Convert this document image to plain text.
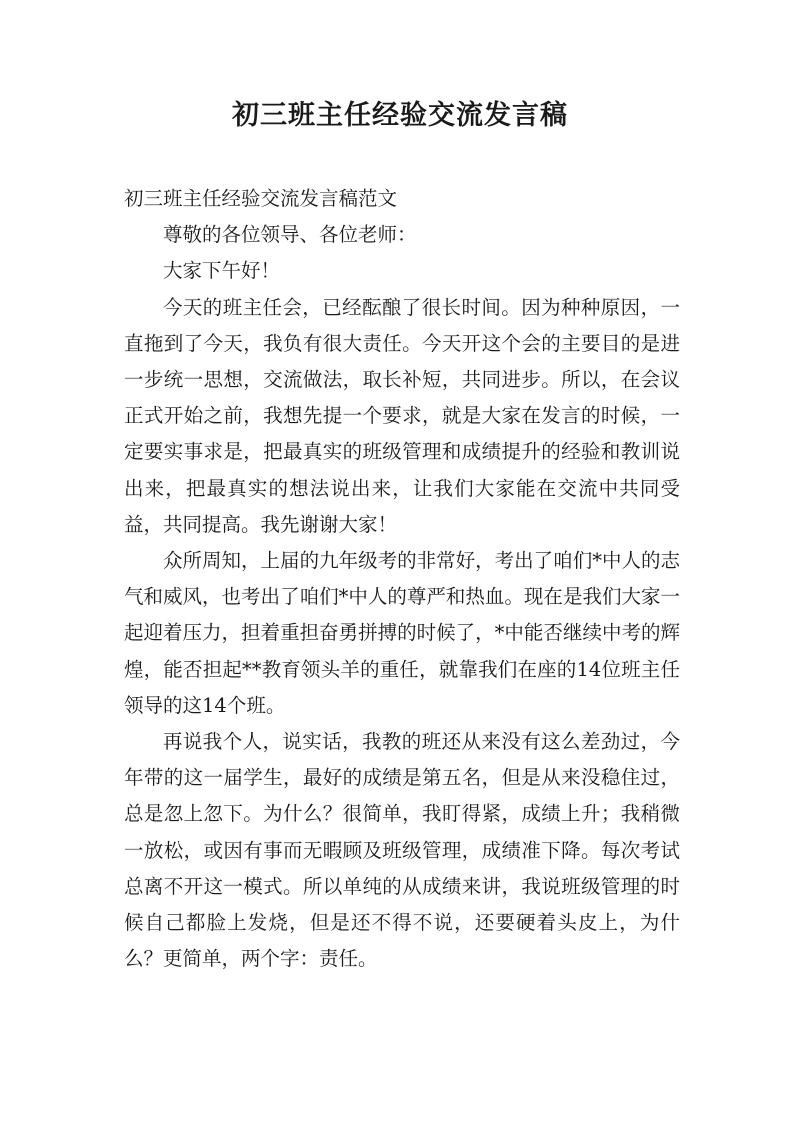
初三班主任经验交流发言稿

初三班主任经验交流发言稿范文

尊敬的各位领导、各位老师：

大家下午好！

今天的班主任会，已经酝酿了很长时间。因为种种原因，一直拖到了今天，我负有很大责任。今天开这个会的主要目的是进一步统一思想，交流做法，取长补短，共同进步。所以，在会议正式开始之前，我想先提一个要求，就是大家在发言的时候，一定要实事求是，把最真实的班级管理和成绩提升的经验和教训说出来，把最真实的想法说出来，让我们大家能在交流中共同受益，共同提高。我先谢谢大家！

众所周知，上届的九年级考的非常好，考出了咱们*中人的志气和威风，也考出了咱们*中人的尊严和热血。现在是我们大家一起迎着压力，担着重担奋勇拼搏的时候了，*中能否继续中考的辉煌，能否担起**教育领头羊的重任，就靠我们在座的14位班主任领导的这14个班。

再说我个人，说实话，我教的班还从来没有这么差劲过，今年带的这一届学生，最好的成绩是第五名，但是从来没稳住过，总是忽上忽下。为什么？很简单，我盯得紧，成绩上升；我稍微一放松，或因有事而无暇顾及班级管理，成绩准下降。每次考试总离不开这一模式。所以单纯的从成绩来讲，我说班级管理的时候自己都脸上发烧，但是还不得不说，还要硬着头皮上，为什么？更简单，两个字：责任。
